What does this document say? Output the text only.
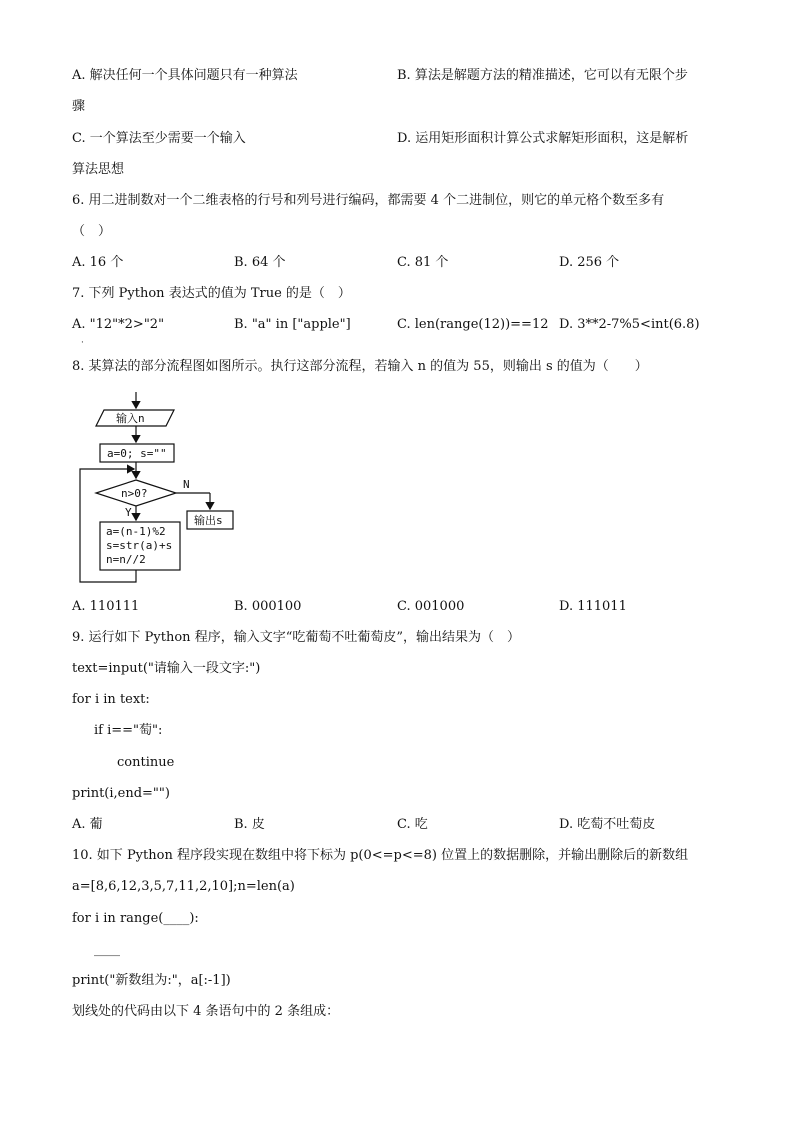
A. 解决任何一个具体问题只有一种算法	B. 算法是解题方法的精准描述，它可以有无限个步
骤
C. 一个算法至少需要一个输入	D. 运用矩形面积计算公式求解矩形面积，这是解析
算法思想
6. 用二进制数对一个二维表格的行号和列号进行编码，都需要 4 个二进制位，则它的单元格个数至多有
（　）
A. 16 个	B. 64 个	C. 81 个	D. 256 个
7. 下列 Python 表达式的值为 True 的是（　）
A. "12"*2>"2"	B. "a" in ["apple"]	C. len(range(12))==12 D. 3**2-7%5<int(6.8)
·
8. 某算法的部分流程图如图所示。执行这部分流程，若输入 n 的值为 55，则输出 s 的值为（　　）
输入n
a=0; s=""
n>0?
N
输出s
Y
a=(n-1)%2
s=str(a)+s
n=n//2
A. 110111	B. 000100	C. 001000	D. 111011
9. 运行如下 Python 程序，输入文字“吃葡萄不吐葡萄皮”，输出结果为（　）
text=input("请输入一段文字:")
for i in text:
if i=="萄":
continue
print(i,end="")
A. 葡	B. 皮	C. 吃	D. 吃萄不吐萄皮
10. 如下 Python 程序段实现在数组中将下标为 p(0<=p<=8) 位置上的数据删除，并输出删除后的新数组
a=[8,6,12,3,5,7,11,2,10];n=len(a)
for i in range(____):
____
print("新数组为:"，a[:-1])
划线处的代码由以下 4 条语句中的 2 条组成：
